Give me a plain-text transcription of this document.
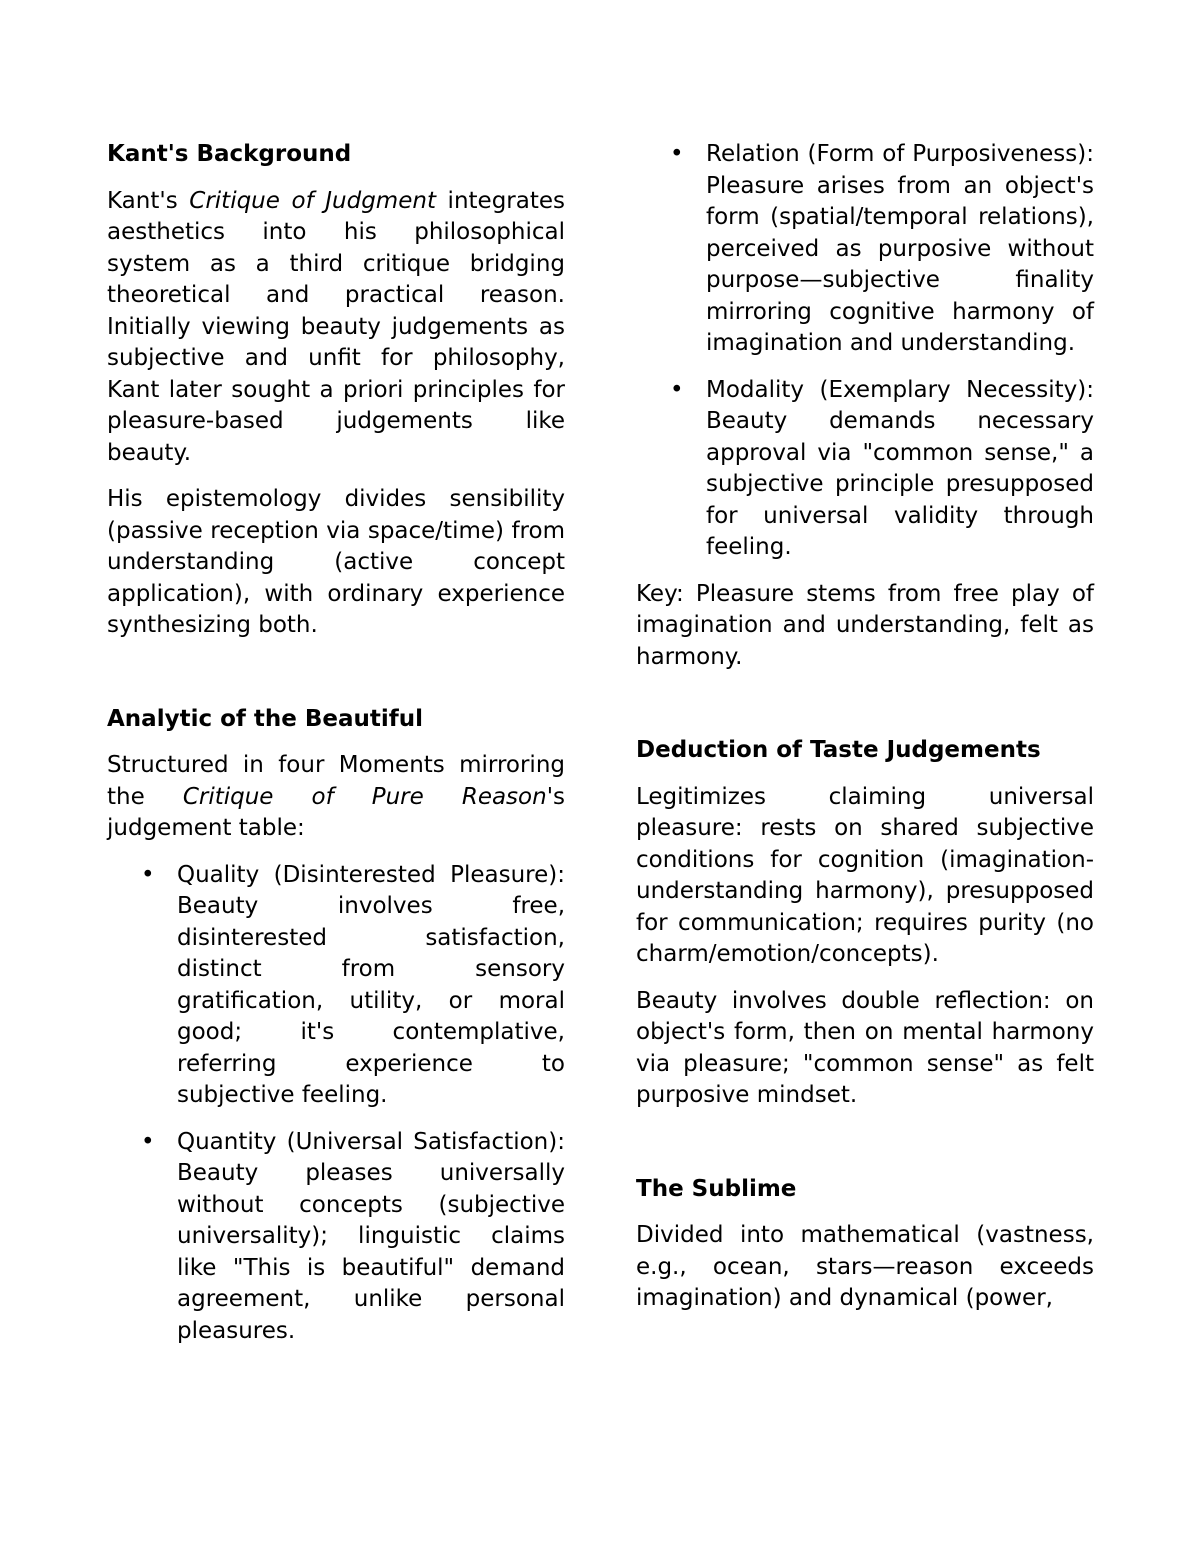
Kant's Background

Kant's Critique of Judgment integrates aesthetics into his philosophical system as a third critique bridging theoretical and practical reason. Initially viewing beauty judgements as subjective and unfit for philosophy, Kant later sought a priori principles for pleasure-based judgements like beauty.

His epistemology divides sensibility (passive reception via space/time) from understanding (active concept application), with ordinary experience synthesizing both.

Analytic of the Beautiful

Structured in four Moments mirroring the Critique of Pure Reason's judgement table:

• Quality (Disinterested Pleasure): Beauty involves free, disinterested satisfaction, distinct from sensory gratification, utility, or moral good; it's contemplative, referring experience to subjective feeling.
• Quantity (Universal Satisfaction): Beauty pleases universally without concepts (subjective universality); linguistic claims like "This is beautiful" demand agreement, unlike personal pleasures.
• Relation (Form of Purposiveness): Pleasure arises from an object's form (spatial/temporal relations), perceived as purposive without purpose—subjective finality mirroring cognitive harmony of imagination and understanding.
• Modality (Exemplary Necessity): Beauty demands necessary approval via "common sense," a subjective principle presupposed for universal validity through feeling.

Key: Pleasure stems from free play of imagination and understanding, felt as harmony.

Deduction of Taste Judgements

Legitimizes claiming universal pleasure: rests on shared subjective conditions for cognition (imagination-understanding harmony), presupposed for communication; requires purity (no charm/emotion/concepts).

Beauty involves double reflection: on object's form, then on mental harmony via pleasure; "common sense" as felt purposive mindset.

The Sublime

Divided into mathematical (vastness, e.g., ocean, stars—reason exceeds imagination) and dynamical (power,
